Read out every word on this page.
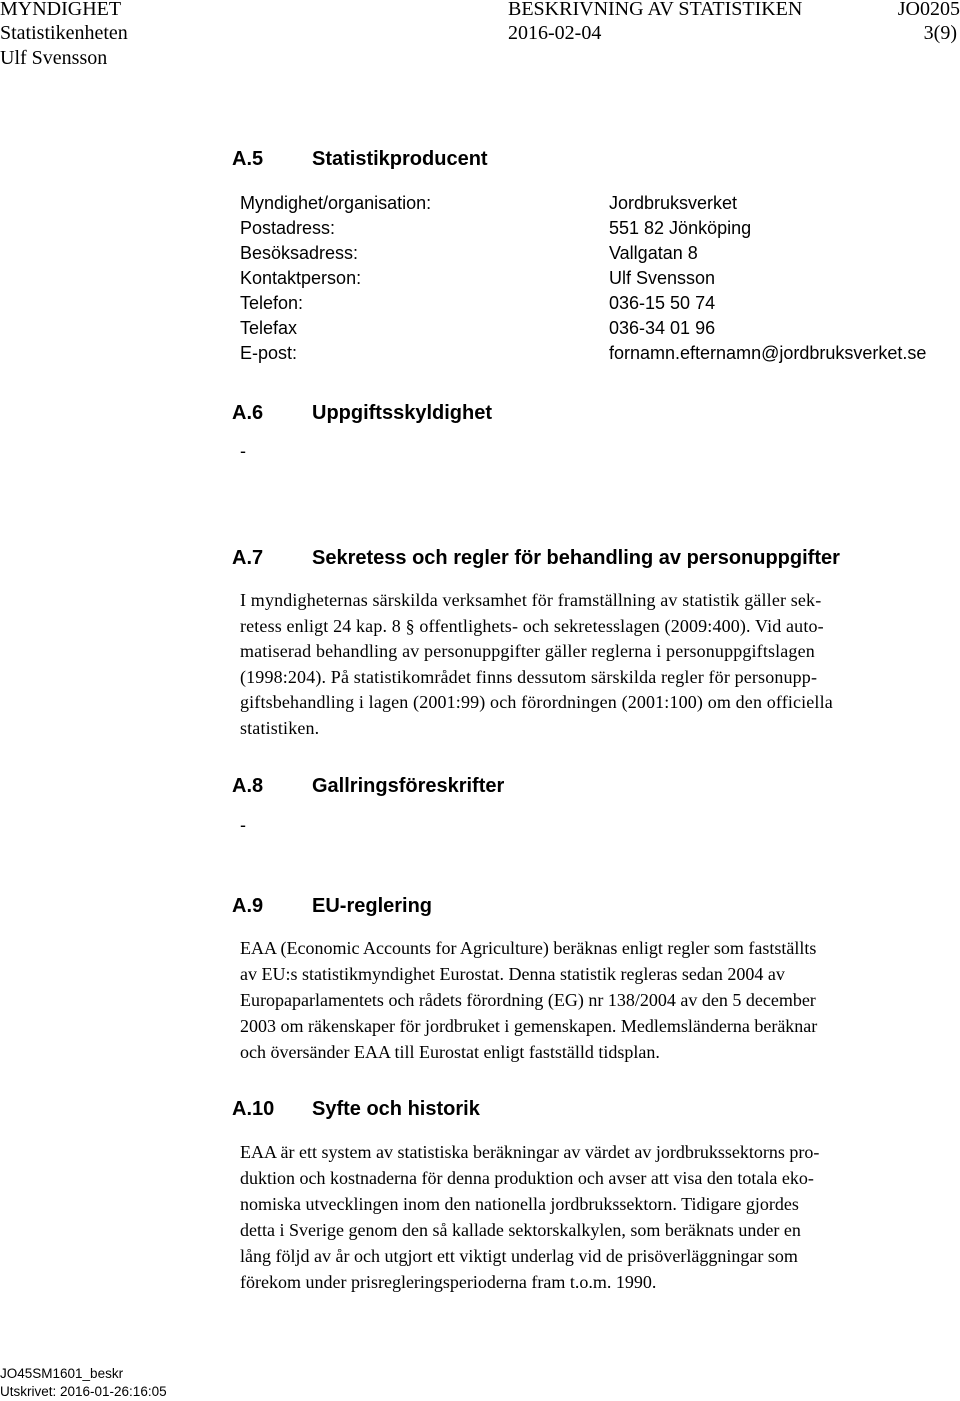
MYNDIGHET
Statistikenheten
Ulf Svensson
BESKRIVNING AV STATISTIKEN
2016-02-04
JO0205
3(9)
A.5 Statistikproducent
Myndighet/organisation:	Jordbruksverket
Postadress:	551 82 Jönköping
Besöksadress:	Vallgatan 8
Kontaktperson:	Ulf Svensson
Telefon:	036-15 50 74
Telefax	036-34 01 96
E-post:	fornamn.efternamn@jordbruksverket.se
A.6 Uppgiftsskyldighet
-
A.7 Sekretess och regler för behandling av personuppgifter
I myndigheternas särskilda verksamhet för framställning av statistik gäller sek-
retess enligt 24 kap. 8 § offentlighets- och sekretesslagen (2009:400). Vid auto-
matiserad behandling av personuppgifter gäller reglerna i personuppgiftslagen
(1998:204). På statistikområdet finns dessutom särskilda regler för personupp-
giftsbehandling i lagen (2001:99) och förordningen (2001:100) om den officiella
statistiken.
A.8 Gallringsföreskrifter
-
A.9 EU-reglering
EAA (Economic Accounts for Agriculture) beräknas enligt regler som fastställts
av EU:s statistikmyndighet Eurostat. Denna statistik regleras sedan 2004 av
Europaparlamentets och rådets förordning (EG) nr 138/2004 av den 5 december
2003 om räkenskaper för jordbruket i gemenskapen. Medlemsländerna beräknar
och översänder EAA till Eurostat enligt fastställd tidsplan.
A.10 Syfte och historik
EAA är ett system av statistiska beräkningar av värdet av jordbrukssektorns pro-
duktion och kostnaderna för denna produktion och avser att visa den totala eko-
nomiska utvecklingen inom den nationella jordbrukssektorn. Tidigare gjordes
detta i Sverige genom den så kallade sektorskalkylen, som beräknats under en
lång följd av år och utgjort ett viktigt underlag vid de prisöverläggningar som
förekom under prisregleringsperioderna fram t.o.m. 1990.
JO45SM1601_beskr
Utskrivet: 2016-01-26:16:05
